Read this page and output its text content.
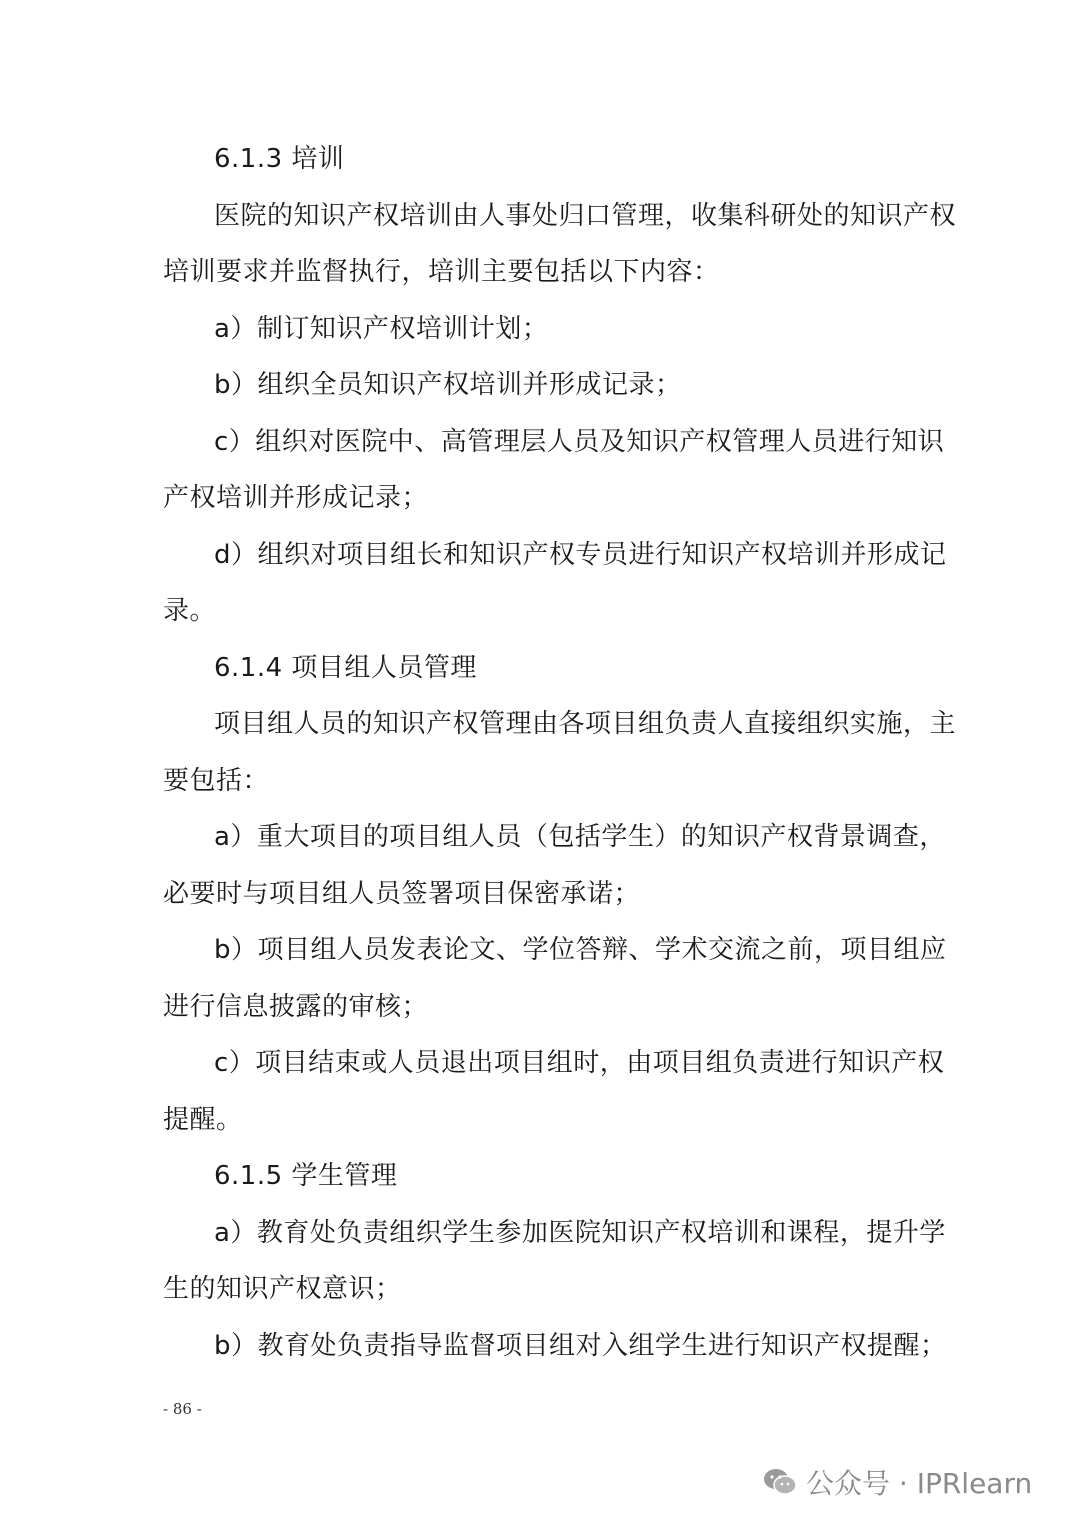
6.1.3 培训
医院的知识产权培训由人事处归口管理，收集科研处的知识产权
培训要求并监督执行，培训主要包括以下内容：
a）制订知识产权培训计划；
b）组织全员知识产权培训并形成记录；
c）组织对医院中、高管理层人员及知识产权管理人员进行知识
产权培训并形成记录；
d）组织对项目组长和知识产权专员进行知识产权培训并形成记
录。
6.1.4 项目组人员管理
项目组人员的知识产权管理由各项目组负责人直接组织实施，主
要包括：
a）重大项目的项目组人员（包括学生）的知识产权背景调查，
必要时与项目组人员签署项目保密承诺；
b）项目组人员发表论文、学位答辩、学术交流之前，项目组应
进行信息披露的审核；
c）项目结束或人员退出项目组时，由项目组负责进行知识产权
提醒。
6.1.5 学生管理
a）教育处负责组织学生参加医院知识产权培训和课程，提升学
生的知识产权意识；
b）教育处负责指导监督项目组对入组学生进行知识产权提醒；
- 86 -
公众号 · IPRlearn
